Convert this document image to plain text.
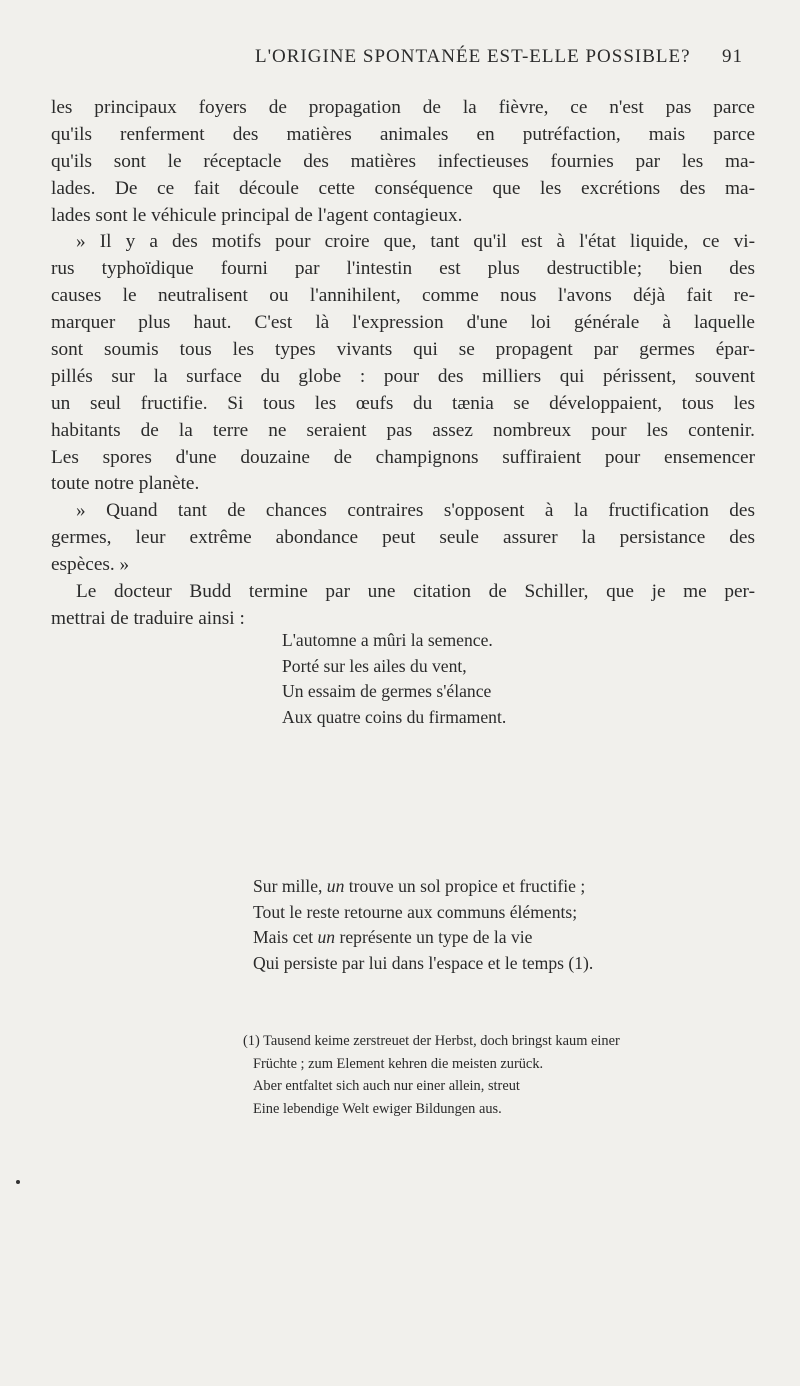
L'ORIGINE SPONTANÉE EST-ELLE POSSIBLE? 91
les principaux foyers de propagation de la fièvre, ce n'est pas parce
qu'ils renferment des matières animales en putréfaction, mais parce
qu'ils sont le réceptacle des matières infectieuses fournies par les ma-
lades. De ce fait découle cette conséquence que les excrétions des ma-
lades sont le véhicule principal de l'agent contagieux.
» Il y a des motifs pour croire que, tant qu'il est à l'état liquide, ce vi-
rus typhoïdique fourni par l'intestin est plus destructible; bien des
causes le neutralisent ou l'annihilent, comme nous l'avons déjà fait re-
marquer plus haut. C'est là l'expression d'une loi générale à laquelle
sont soumis tous les types vivants qui se propagent par germes épar-
pillés sur la surface du globe : pour des milliers qui périssent, souvent
un seul fructifie. Si tous les œufs du tænia se développaient, tous les
habitants de la terre ne seraient pas assez nombreux pour les contenir.
Les spores d'une douzaine de champignons suffiraient pour ensemencer
toute notre planète.
» Quand tant de chances contraires s'opposent à la fructification des
germes, leur extrême abondance peut seule assurer la persistance des
espèces. »
Le docteur Budd termine par une citation de Schiller, que je me per-
mettrai de traduire ainsi :
L'automne a mûri la semence.
Porté sur les ailes du vent,
Un essaim de germes s'élance
Aux quatre coins du firmament.
Sur mille, un trouve un sol propice et fructifie ;
Tout le reste retourne aux communs éléments;
Mais cet un représente un type de la vie
Qui persiste par lui dans l'espace et le temps (1).
(1) Tausend keime zerstreuet der Herbst, doch bringst kaum einer
Früchte ; zum Element kehren die meisten zurück.
Aber entfaltet sich auch nur einer allein, streut
Eine lebendige Welt ewiger Bildungen aus.
